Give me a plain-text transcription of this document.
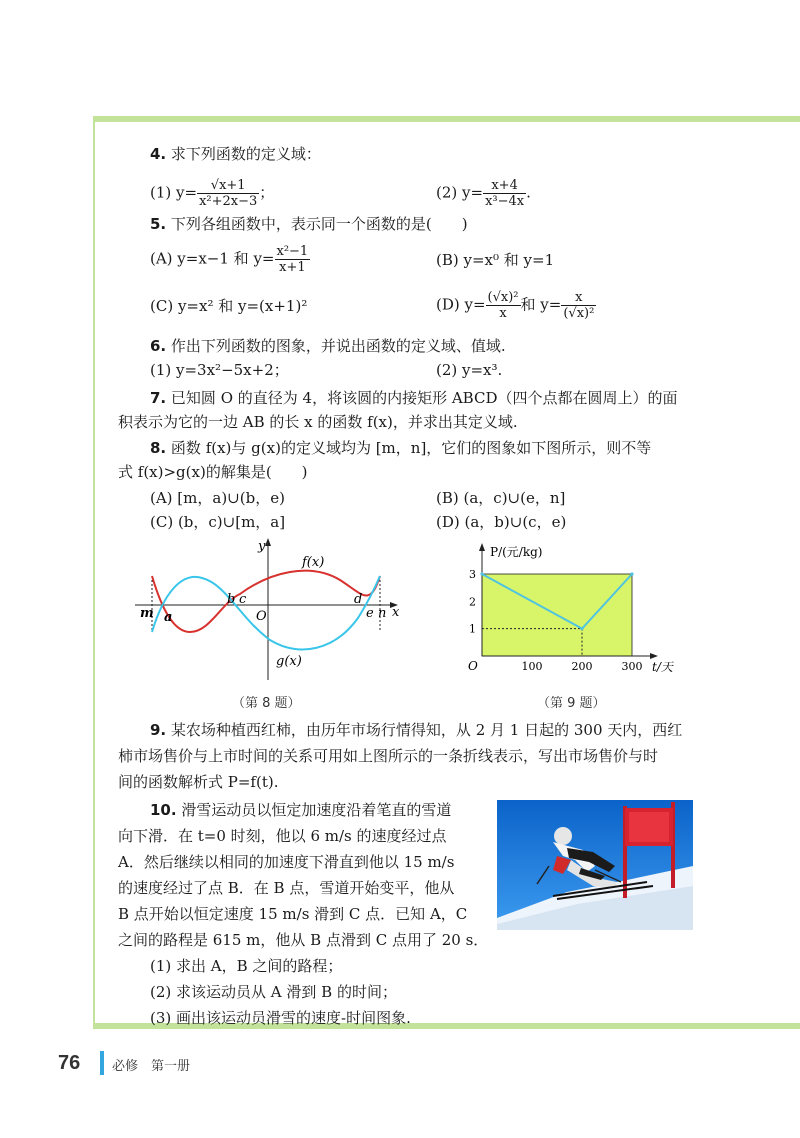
4. 求下列函数的定义域：
(1) $y= \frac{√x+1}{\text{x²+2x−3}}$ ；	(2) $y= \frac{x+4}{\text{x³−4x}}$ .
5. 下列各组函数中，表示同一个函数的是(　　)
(A) y=x−1 和 $y= \frac{\text{x²−1}}{x+1}$	(B) y=x⁰ 和 y=1
(C) y=x² 和 y=(x+1)²	(D) $y= \frac{\text{(√x)²}}{x}$ 和 $y= \frac{x}{\text{(√x)²}}$
6. 作出下列函数的图象，并说出函数的定义域、值域.
(1) y=3x²−5x+2；	(2) y=x³.
7. 已知圆 O 的直径为 4，将该圆的内接矩形 ABCD（四个点都在圆周上）的面
积表示为它的一边 AB 的长 x 的函数 f(x)，并求出其定义域.
8. 函数 f(x)与 g(x)的定义域均为 [m，n]，它们的图象如下图所示，则不等
式 f(x)>g(x)的解集是(　　)
(A) [m，a)∪(b，e)	(B) (a，c)∪(e，n]
(C) (b，c)∪[m，a]	(D) (a，b)∪(c，e)
y
x
O
m a
b c	d
e n
f(x)
g(x)
（第 8 题）
100	200	300
1
2
3
P/(元/kg)
t/天
O
（第 9 题）
9. 某农场种植西红柿，由历年市场行情得知，从 2 月 1 日起的 300 天内，西红
柿市场售价与上市时间的关系可用如上图所示的一条折线表示，写出市场售价与时
间的函数解析式 P=f(t).
10. 滑雪运动员以恒定加速度沿着笔直的雪道
向下滑．在 t=0 时刻，他以 6 m/s 的速度经过点
A．然后继续以相同的加速度下滑直到他以 15 m/s
的速度经过了点 B．在 B 点，雪道开始变平，他从
B 点开始以恒定速度 15 m/s 滑到 C 点．已知 A，C
之间的路程是 615 m，他从 B 点滑到 C 点用了 20 s．
(1) 求出 A，B 之间的路程；
(2) 求该运动员从 A 滑到 B 的时间；
(3) 画出该运动员滑雪的速度-时间图象.
76 必修　第一册
